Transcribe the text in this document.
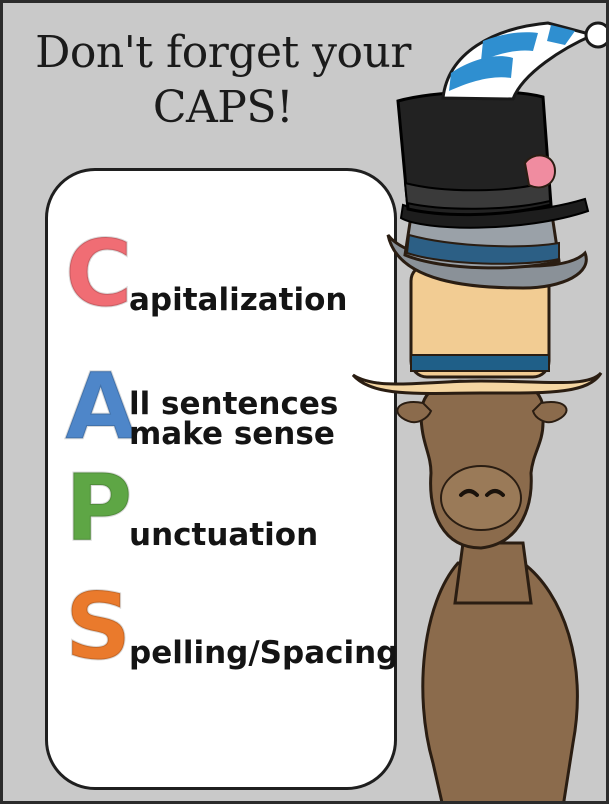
Don't forget your
CAPS!
C
apitalization
A
ll sentences
make sense
P
unctuation
S
pelling/Spacing
